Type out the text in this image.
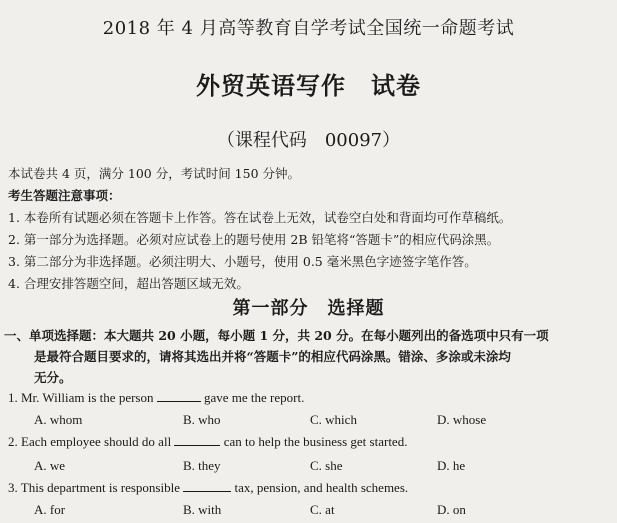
2018 年 4 月高等教育自学考试全国统一命题考试
外贸英语写作　试卷
（课程代码　00097）
本试卷共 4 页，满分 100 分，考试时间 150 分钟。
考生答题注意事项：
1. 本卷所有试题必须在答题卡上作答。答在试卷上无效，试卷空白处和背面均可作草稿纸。
2. 第一部分为选择题。必须对应试卷上的题号使用 2B 铅笔将“答题卡”的相应代码涂黑。
3. 第二部分为非选择题。必须注明大、小题号，使用 0.5 毫米黑色字迹签字笔作答。
4. 合理安排答题空间，超出答题区域无效。
第一部分　选择题
一、单项选择题：本大题共 20 小题，每小题 1 分，共 20 分。在每小题列出的备选项中只有一项
是最符合题目要求的，请将其选出并将“答题卡”的相应代码涂黑。错涂、多涂或未涂均
无分。
1. Mr. William is the person	gave me the report.
A. whom	B. who	C. which	D. whose
2. Each employee should do all	can to help the business get started.
A. we	B. they	C. she	D. he
3. This department is responsible	tax, pension, and health schemes.
A. for	B. with	C. at	D. on
